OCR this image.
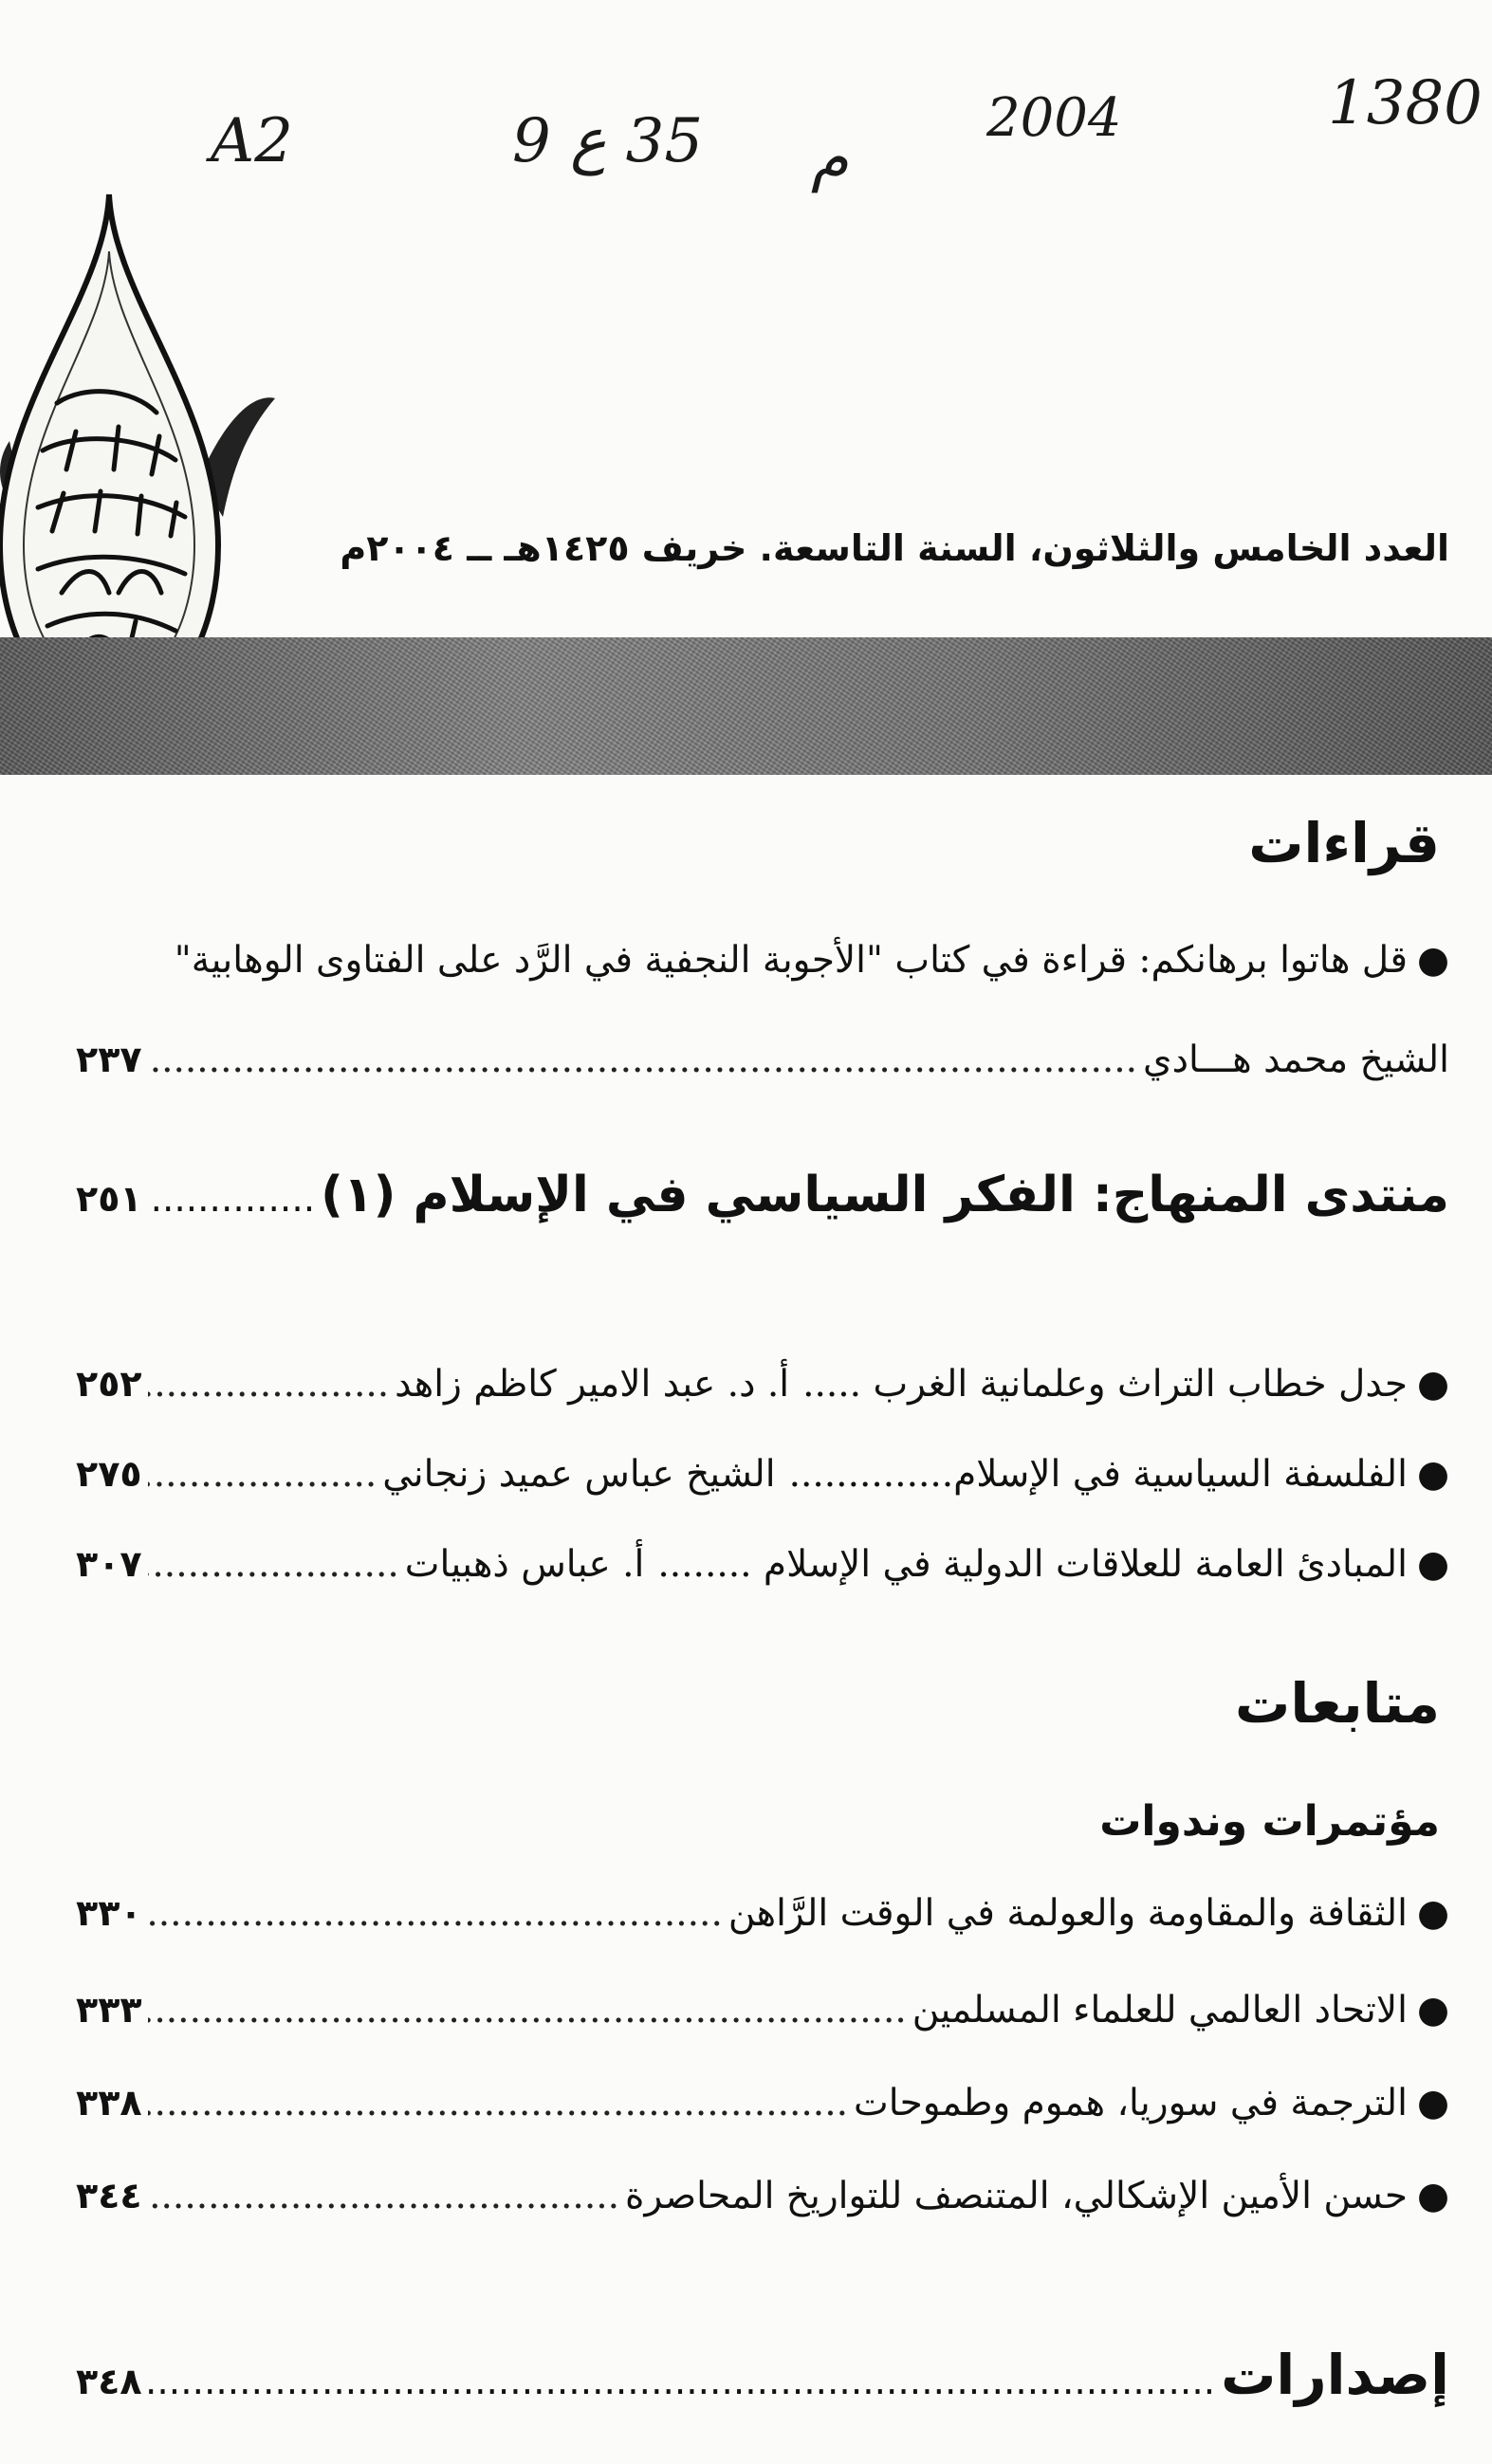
A2	35 ع 9 م
2004	1380
العدد الخامس والثلاثون، السنة التاسعة. خريف ١٤٢٥هـ ــ ٢٠٠٤م
قراءات
●قل هاتوا برهانكم: قراءة في كتاب "الأجوبة النجفية في الرَّد على الفتاوى الوهابية"
الشيخ محمد هـــادي
.....
٢٣٧
منتدى المنهاج: الفكر السياسي في الإسلام (١)
.....
٢٥١
●
جدل خطاب التراث وعلمانية الغرب .....
أ. د. عبد الامير كاظم زاهد
.....
٢٥٢
●
الفلسفة السياسية في الإسلام..............
الشيخ عباس عميد زنجاني
.....
٢٧٥
●
المبادئ العامة للعلاقات الدولية في الإسلام ........
أ. عباس ذهبيات
.....
٣٠٧
متابعات
مؤتمرات وندوات
●
الثقافة والمقاومة والعولمة في الوقت الرَّاهن
.....
٣٣٠
●
الاتحاد العالمي للعلماء المسلمين
.....
٣٣٣
●
الترجمة في سوريا، هموم وطموحات
.....
٣٣٨
●
حسن الأمين الإشكالي، المتنصف للتواريخ المحاصرة
.....
٣٤٤
إصدارات
.....
٣٤٨
